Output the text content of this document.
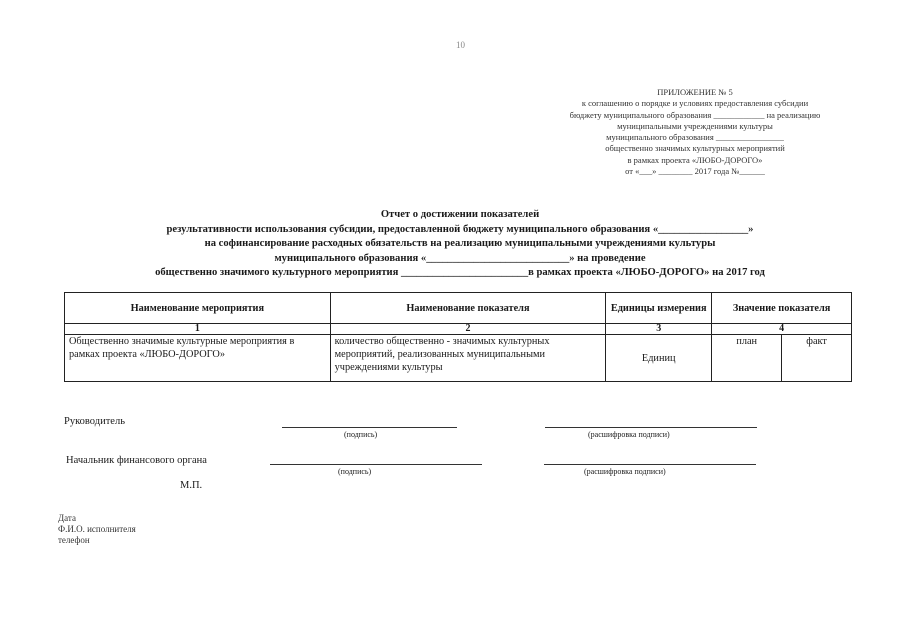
10
ПРИЛОЖЕНИЕ № 5
к соглашению о порядке и условиях предоставления субсидии
бюджету муниципального образования ____________ на реализацию
муниципальными учреждениями культуры
муниципального образования ________________
общественно значимых культурных мероприятий
в рамках проекта «ЛЮБО-ДОРОГО»
от «___» ________ 2017 года №______
Отчет о достижении показателей
результативности использования субсидии, предоставленной бюджету муниципального образования «_________________»
на софинансирование расходных обязательств на реализацию муниципальными учреждениями культуры
муниципального образования «___________________________» на проведение
общественно значимого культурного мероприятия ________________________в рамках проекта «ЛЮБО-ДОРОГО» на 2017 год
Наименование мероприятия	Наименование показателя	Единицы измерения	Значение показателя
1	2	3	4
Общественно значимые культурные мероприятия в рамках проекта «ЛЮБО-ДОРОГО»	количество общественно - значимых культурных мероприятий, реализованных муниципальными учреждениями культуры	Единиц	
план	факт
Руководитель
(подпись)	(расшифровка подписи)
Начальник финансового органа
(подпись)	(расшифровка подписи)
М.П.
Дата
Ф.И.О. исполнителя
телефон
